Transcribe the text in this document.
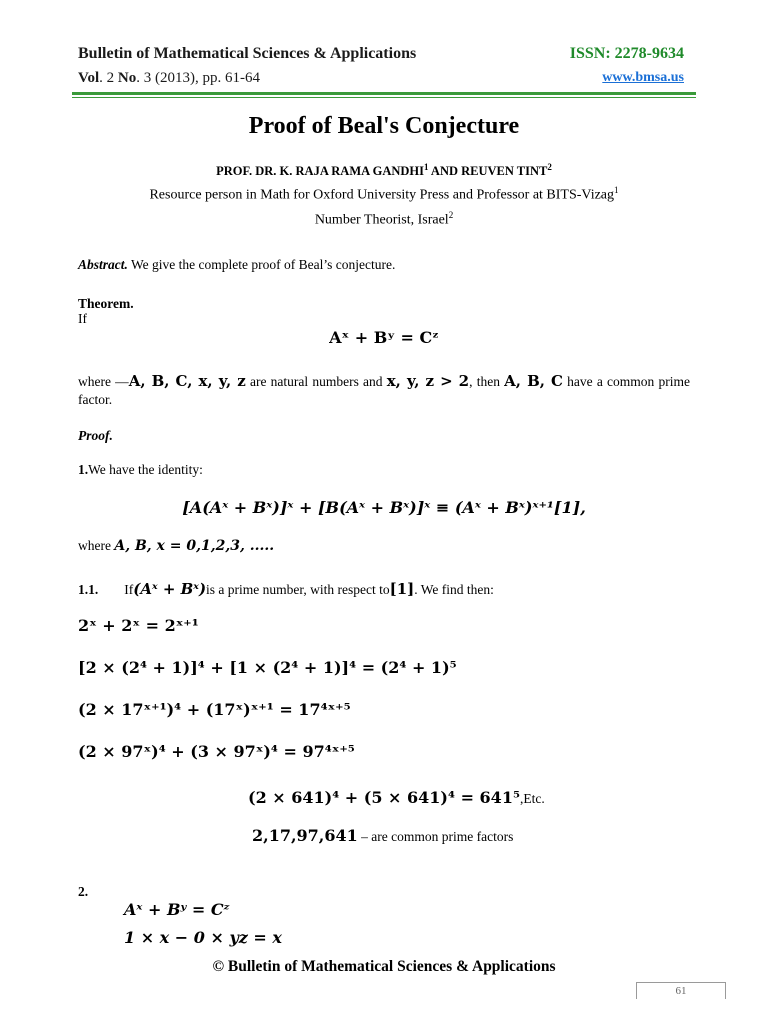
Bulletin of Mathematical Sciences & Applications
Vol. 2 No. 3 (2013), pp. 61-64
ISSN: 2278-9634
www.bmsa.us
Proof of Beal's Conjecture
PROF. DR. K. RAJA RAMA GANDHI$^1$ AND REUVEN TINT$^2$
Resource person in Math for Oxford University Press and Professor at BITS-Vizag$^1$
Number Theorist, Israel$^2$
Abstract. We give the complete proof of Beal’s conjecture.
Theorem.
If
Aˣ + Bʸ = Cᶻ
where —A, B, C, x, y, z are natural numbers and x, y, z > 2, then A, B, C have a common prime factor.
Proof.
1.We have the identity:
[A(Aˣ + Bˣ)]ˣ + [B(Aˣ + Bˣ)]ˣ ≡ (Aˣ + Bˣ)ˣ⁺¹[1],
where A, B, x = 0,1,2,3, .....
1.1. If(Aˣ + Bˣ)is a prime number, with respect to[1]. We find then:
2ˣ + 2ˣ = 2ˣ⁺¹
[2 × (2⁴ + 1)]⁴ + [1 × (2⁴ + 1)]⁴ = (2⁴ + 1)⁵
(2 × 17ˣ⁺¹)⁴ + (17ˣ)ˣ⁺¹ = 17⁴ˣ⁺⁵
(2 × 97ˣ)⁴ + (3 × 97ˣ)⁴ = 97⁴ˣ⁺⁵
(2 × 641)⁴ + (5 × 641)⁴ = 641⁵,Etc.
2,17,97,641 – are common prime factors
2.
Aˣ + Bʸ = Cᶻ
1 × x − 0 × yz = x
© Bulletin of Mathematical Sciences & Applications
61
